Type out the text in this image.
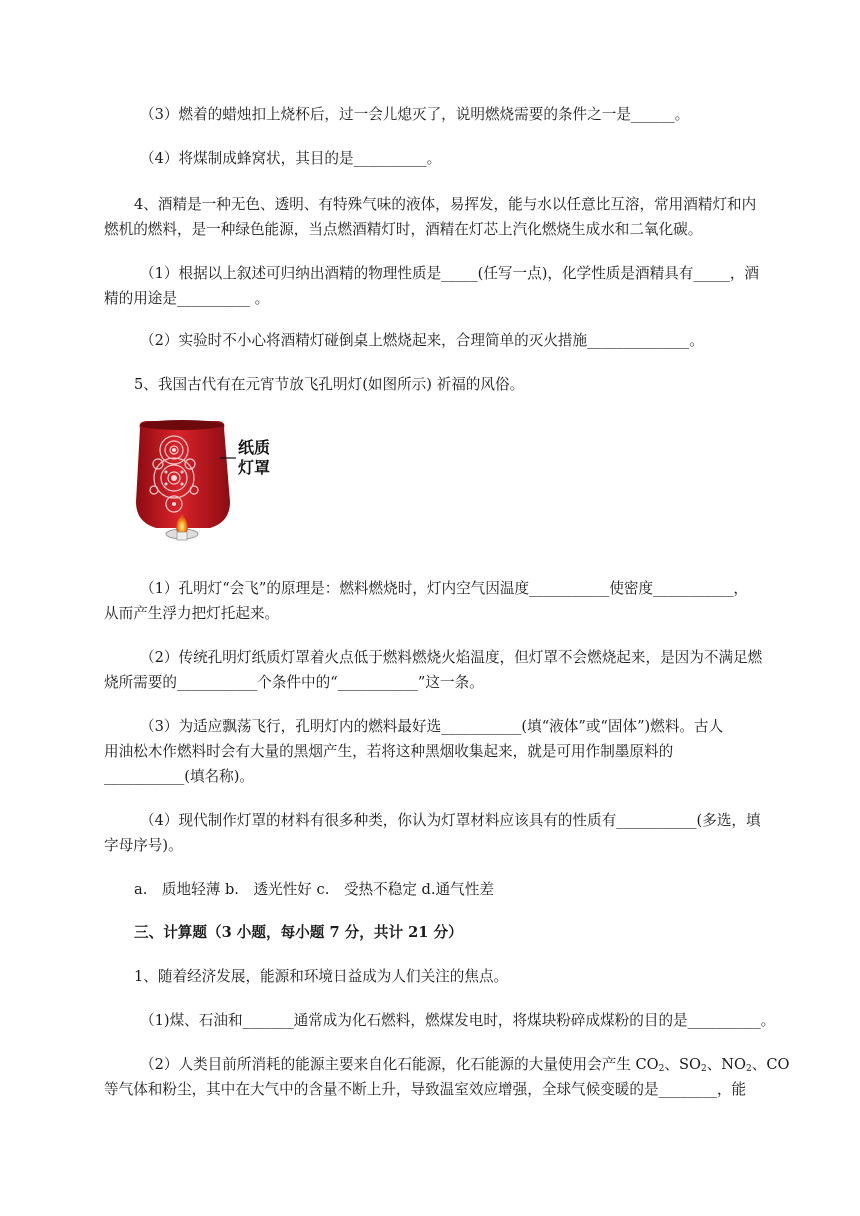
（3）燃着的蜡烛扣上烧杯后，过一会儿熄灭了，说明燃烧需要的条件之一是______。
（4）将煤制成蜂窝状，其目的是__________。
4、酒精是一种无色、透明、有特殊气味的液体，易挥发，能与水以任意比互溶，常用酒精灯和内
燃机的燃料，是一种绿色能源，当点燃酒精灯时，酒精在灯芯上汽化燃烧生成水和二氧化碳。
（1）根据以上叙述可归纳出酒精的物理性质是_____(任写一点)，化学性质是酒精具有_____，酒
精的用途是__________ 。
（2）实验时不小心将酒精灯碰倒桌上燃烧起来，合理简单的灭火措施______________。
5、我国古代有在元宵节放飞孔明灯(如图所示) 祈福的风俗。
纸质
灯罩
（1）孔明灯“会飞”的原理是：燃料燃烧时，灯内空气因温度___________使密度___________，
从而产生浮力把灯托起来。
（2）传统孔明灯纸质灯罩着火点低于燃料燃烧火焰温度，但灯罩不会燃烧起来，是因为不满足燃
烧所需要的___________个条件中的“___________”这一条。
（3）为适应飘荡飞行，孔明灯内的燃料最好选___________(填“液体”或“固体”)燃料。古人
用油松木作燃料时会有大量的黑烟产生，若将这种黑烟收集起来，就是可用作制墨原料的
___________(填名称)。
（4）现代制作灯罩的材料有很多种类，你认为灯罩材料应该具有的性质有___________(多选，填
字母序号)。
a.　质地轻薄 b.　透光性好 c.　受热不稳定 d.通气性差
三、计算题（3 小题，每小题 7 分，共计 21 分）
1、随着经济发展，能源和环境日益成为人们关注的焦点。
（1)煤、石油和_______通常成为化石燃料，燃煤发电时，将煤块粉碎成煤粉的目的是__________。
（2）人类目前所消耗的能源主要来自化石能源，化石能源的大量使用会产生 $CO_2$、$SO_2$、$NO_2$、CO
等气体和粉尘，其中在大气中的含量不断上升，导致温室效应增强，全球气候变暖的是________，能
